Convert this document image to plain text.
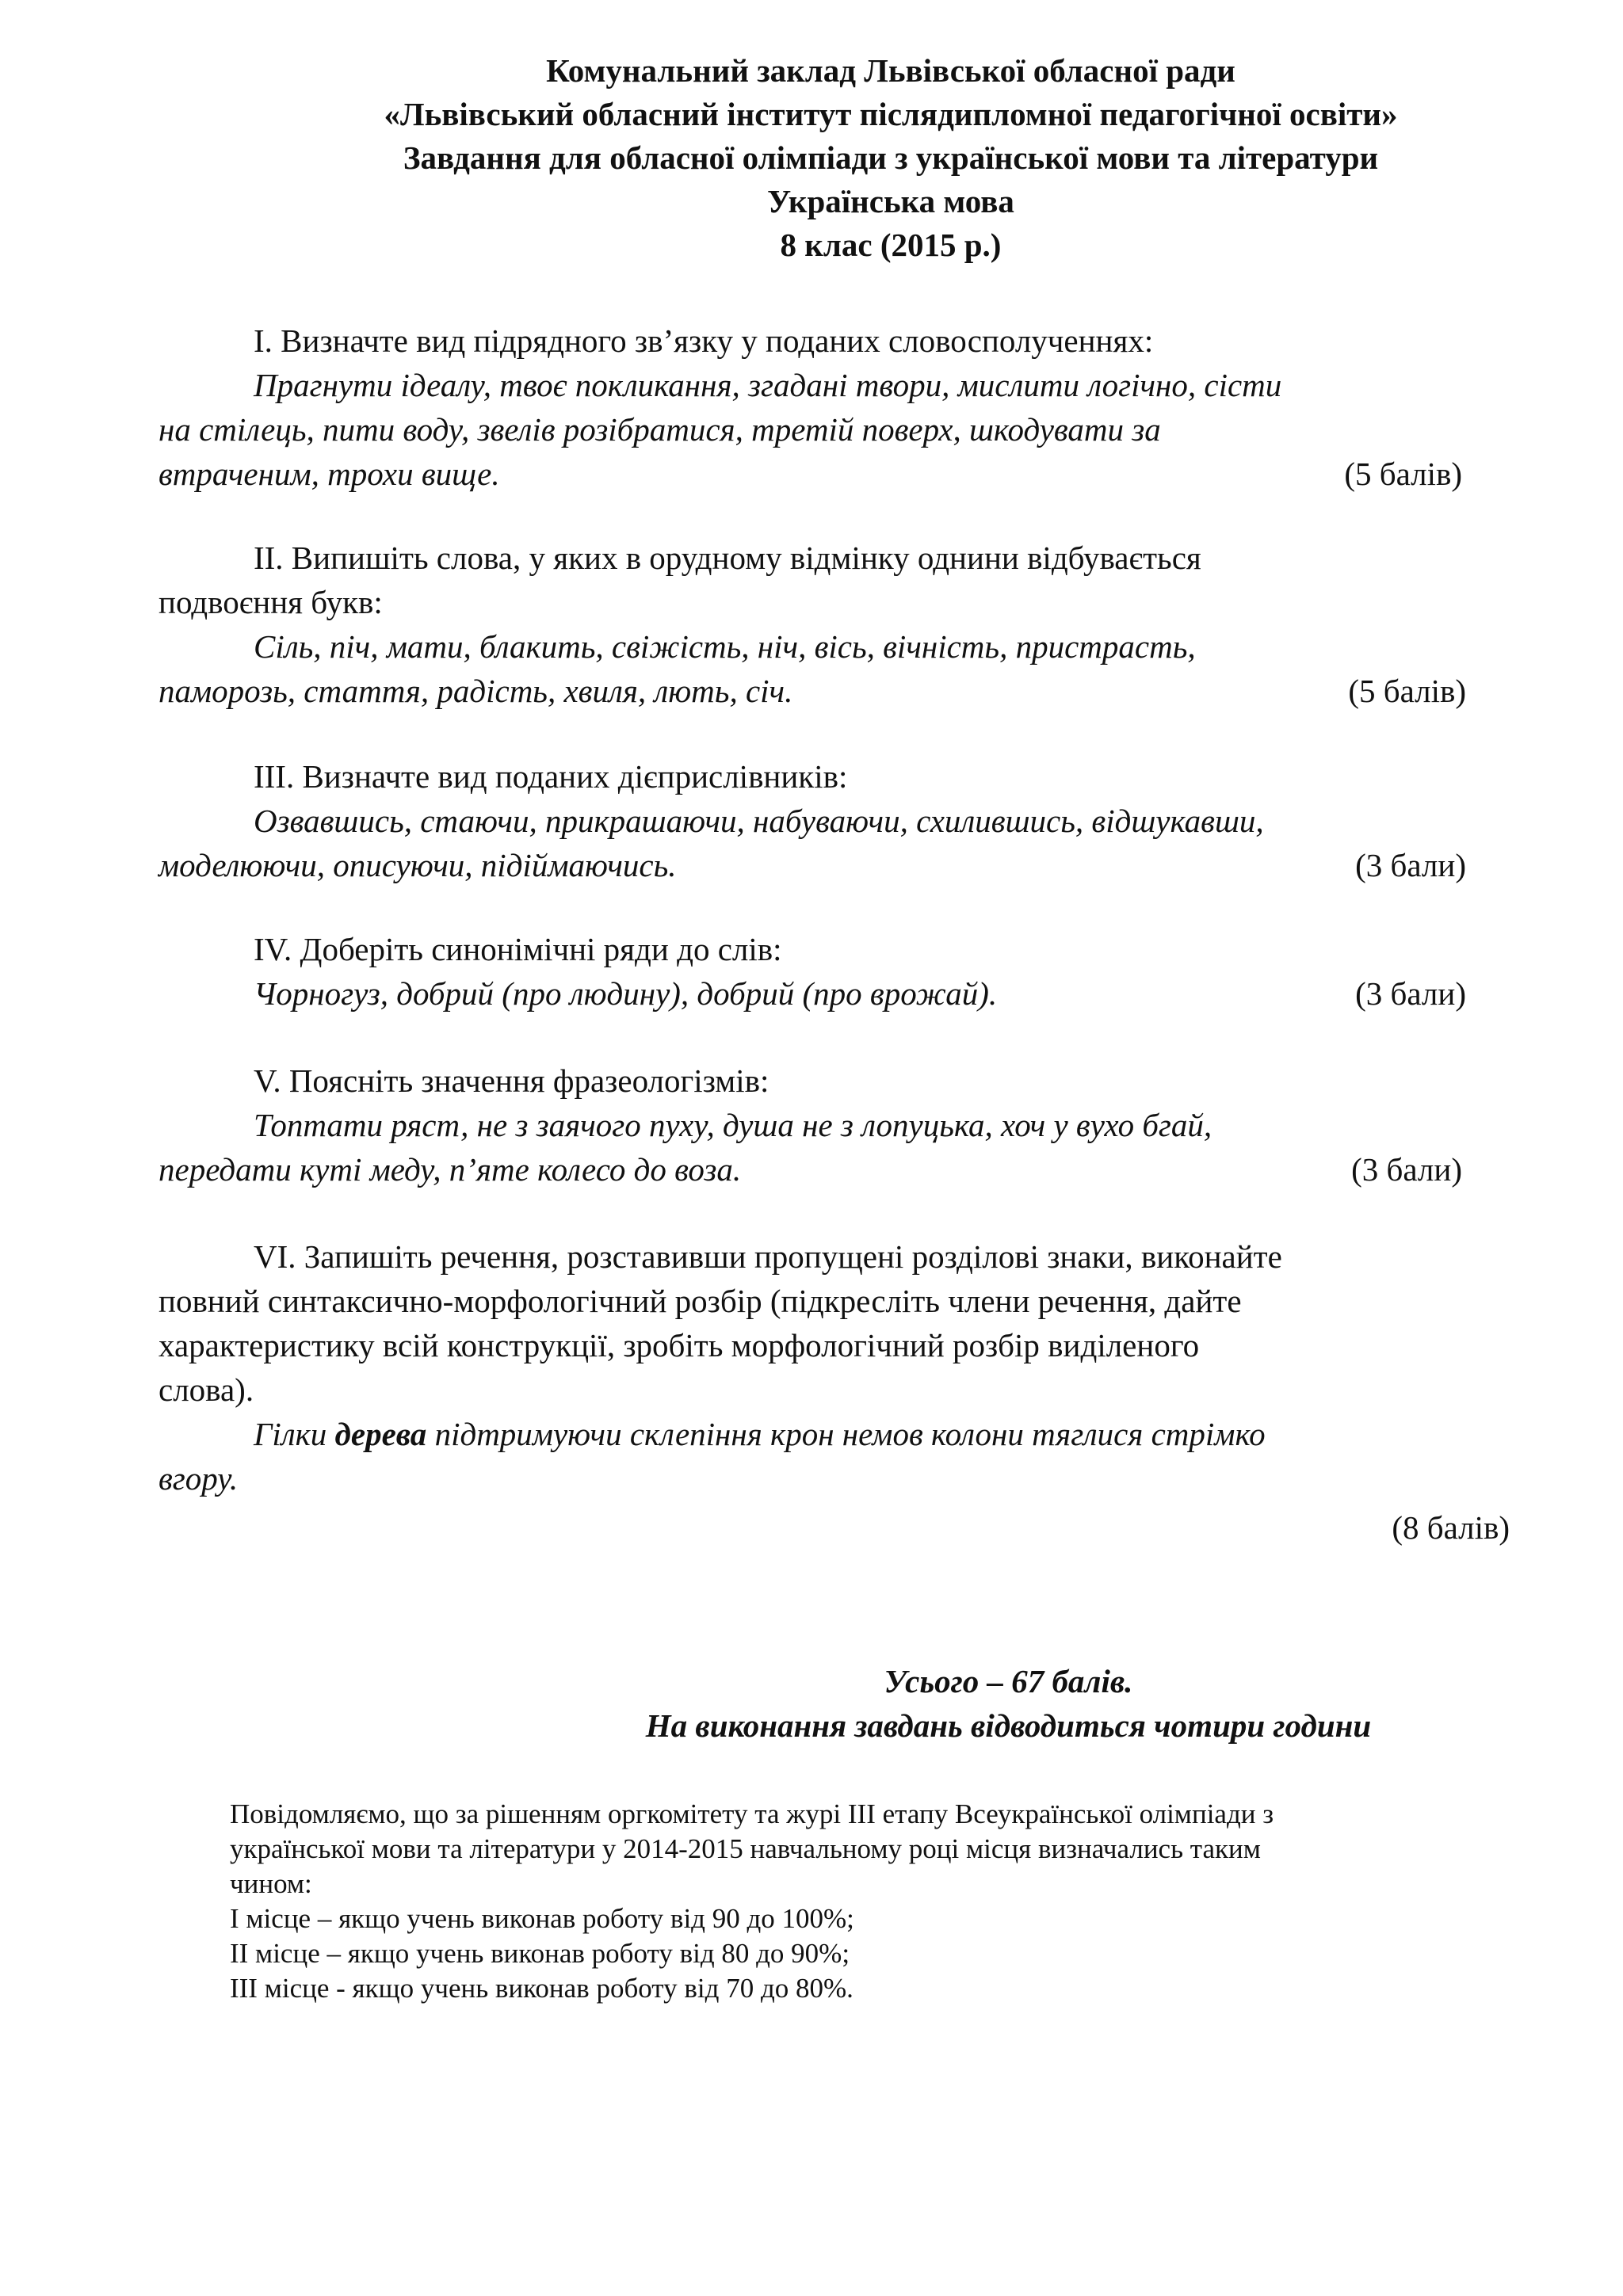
Комунальний заклад Львівської обласної ради
«Львівський обласний інститут післядипломної педагогічної освіти»
Завдання для обласної олімпіади з української мови та літератури
Українська мова
8 клас (2015 р.)
І. Визначте вид підрядного зв’язку у поданих словосполученнях:
Прагнути ідеалу, твоє покликання, згадані твори, мислити логічно, сісти
на стілець, пити воду, звелів розібратися, третій поверх, шкодувати за
втраченим, трохи вище.	(5 балів)
ІІ. Випишіть слова, у яких в орудному відмінку однини відбувається
подвоєння букв:
Сіль, піч, мати, блакить, свіжість, ніч, вісь, вічність, пристрасть,
паморозь, стаття, радість, хвиля, лють, січ.	(5 балів)
ІІІ. Визначте вид поданих дієприслівників:
Озвавшись, стаючи, прикрашаючи, набуваючи, схилившись, відшукавши,
моделюючи, описуючи, підіймаючись.	(3 бали)
IV. Доберіть синонімічні ряди до слів:
Чорногуз, добрий (про людину), добрий (про врожай).	(3 бали)
V. Поясніть значення фразеологізмів:
Топтати ряст, не з заячого пуху, душа не з лопуцька, хоч у вухо бгай,
передати куті меду, п’яте колесо до воза.	(3 бали)
VI. Запишіть речення, розставивши пропущені розділові знаки, виконайте
повний синтаксично-морфологічний розбір (підкресліть члени речення, дайте
характеристику всій конструкції, зробіть морфологічний розбір виділеного
слова).
Гілки дерева підтримуючи склепіння крон немов колони тяглися стрімко
вгору.
(8 балів)
Усього – 67 балів.
На виконання завдань відводиться чотири години
Повідомляємо, що за рішенням оргкомітету та журі ІІІ етапу Всеукраїнської олімпіади з
української мови та літератури у 2014-2015 навчальному році місця визначались таким
чином:
І місце – якщо учень виконав роботу від 90 до 100%;
ІІ місце – якщо учень виконав роботу від 80 до 90%;
ІІІ місце - якщо учень виконав роботу від 70 до 80%.
